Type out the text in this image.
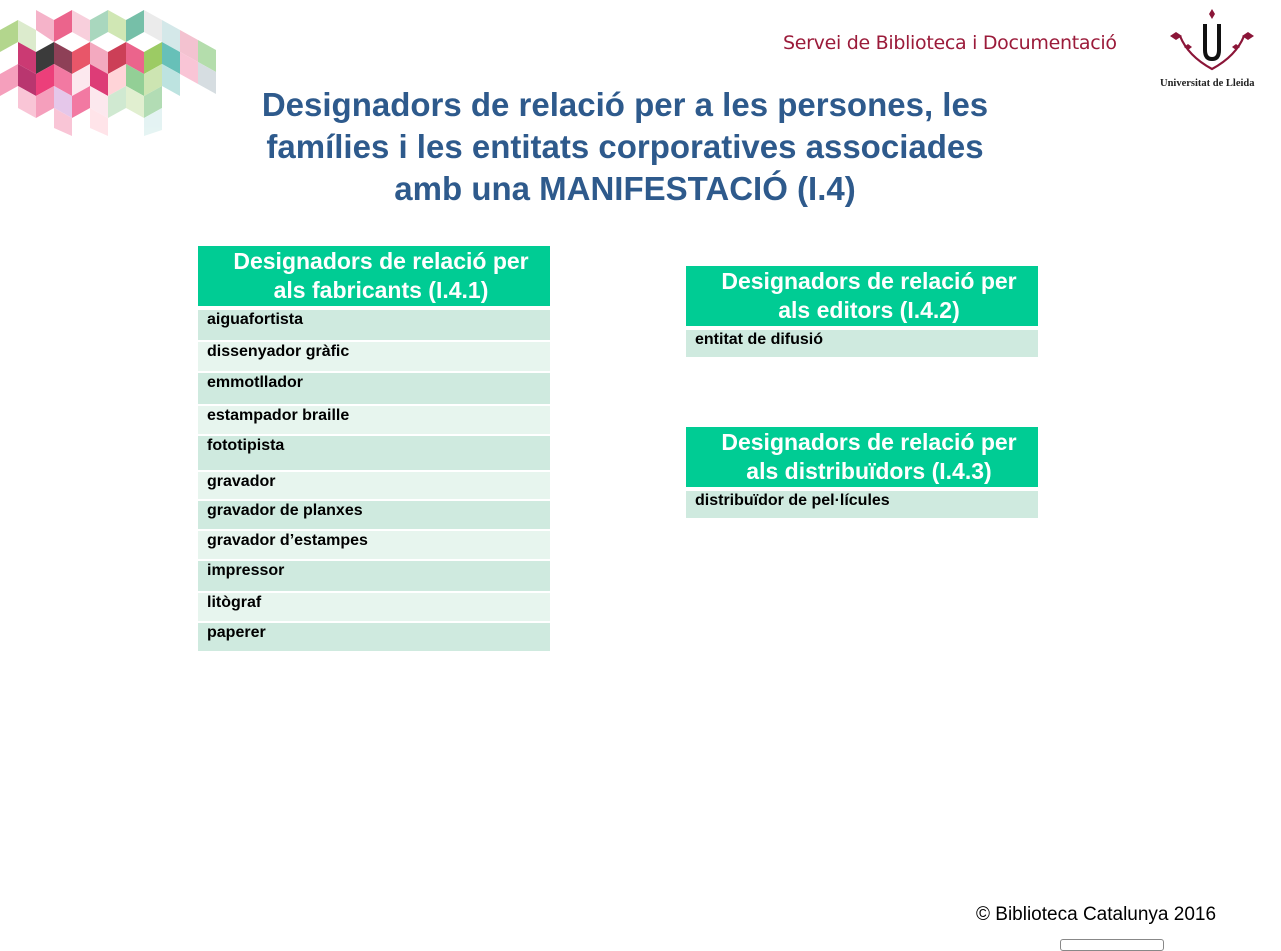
Servei de Biblioteca i Documentació
Universitat de Lleida
Designadors de relació per a les persones, les
famílies i les entitats corporatives associades
amb una MANIFESTACIÓ (I.4)
Designadors de relació per
als fabricants (I.4.1)
aiguafortista
dissenyador gràfic
emmotllador
estampador braille
fototipista
gravador
gravador de planxes
gravador d’estampes
impressor
litògraf
paperer
Designadors de relació per
als editors (I.4.2)
entitat de difusió
Designadors de relació per
als distribuïdors (I.4.3)
distribuïdor de pel·lícules
© Biblioteca Catalunya 2016
